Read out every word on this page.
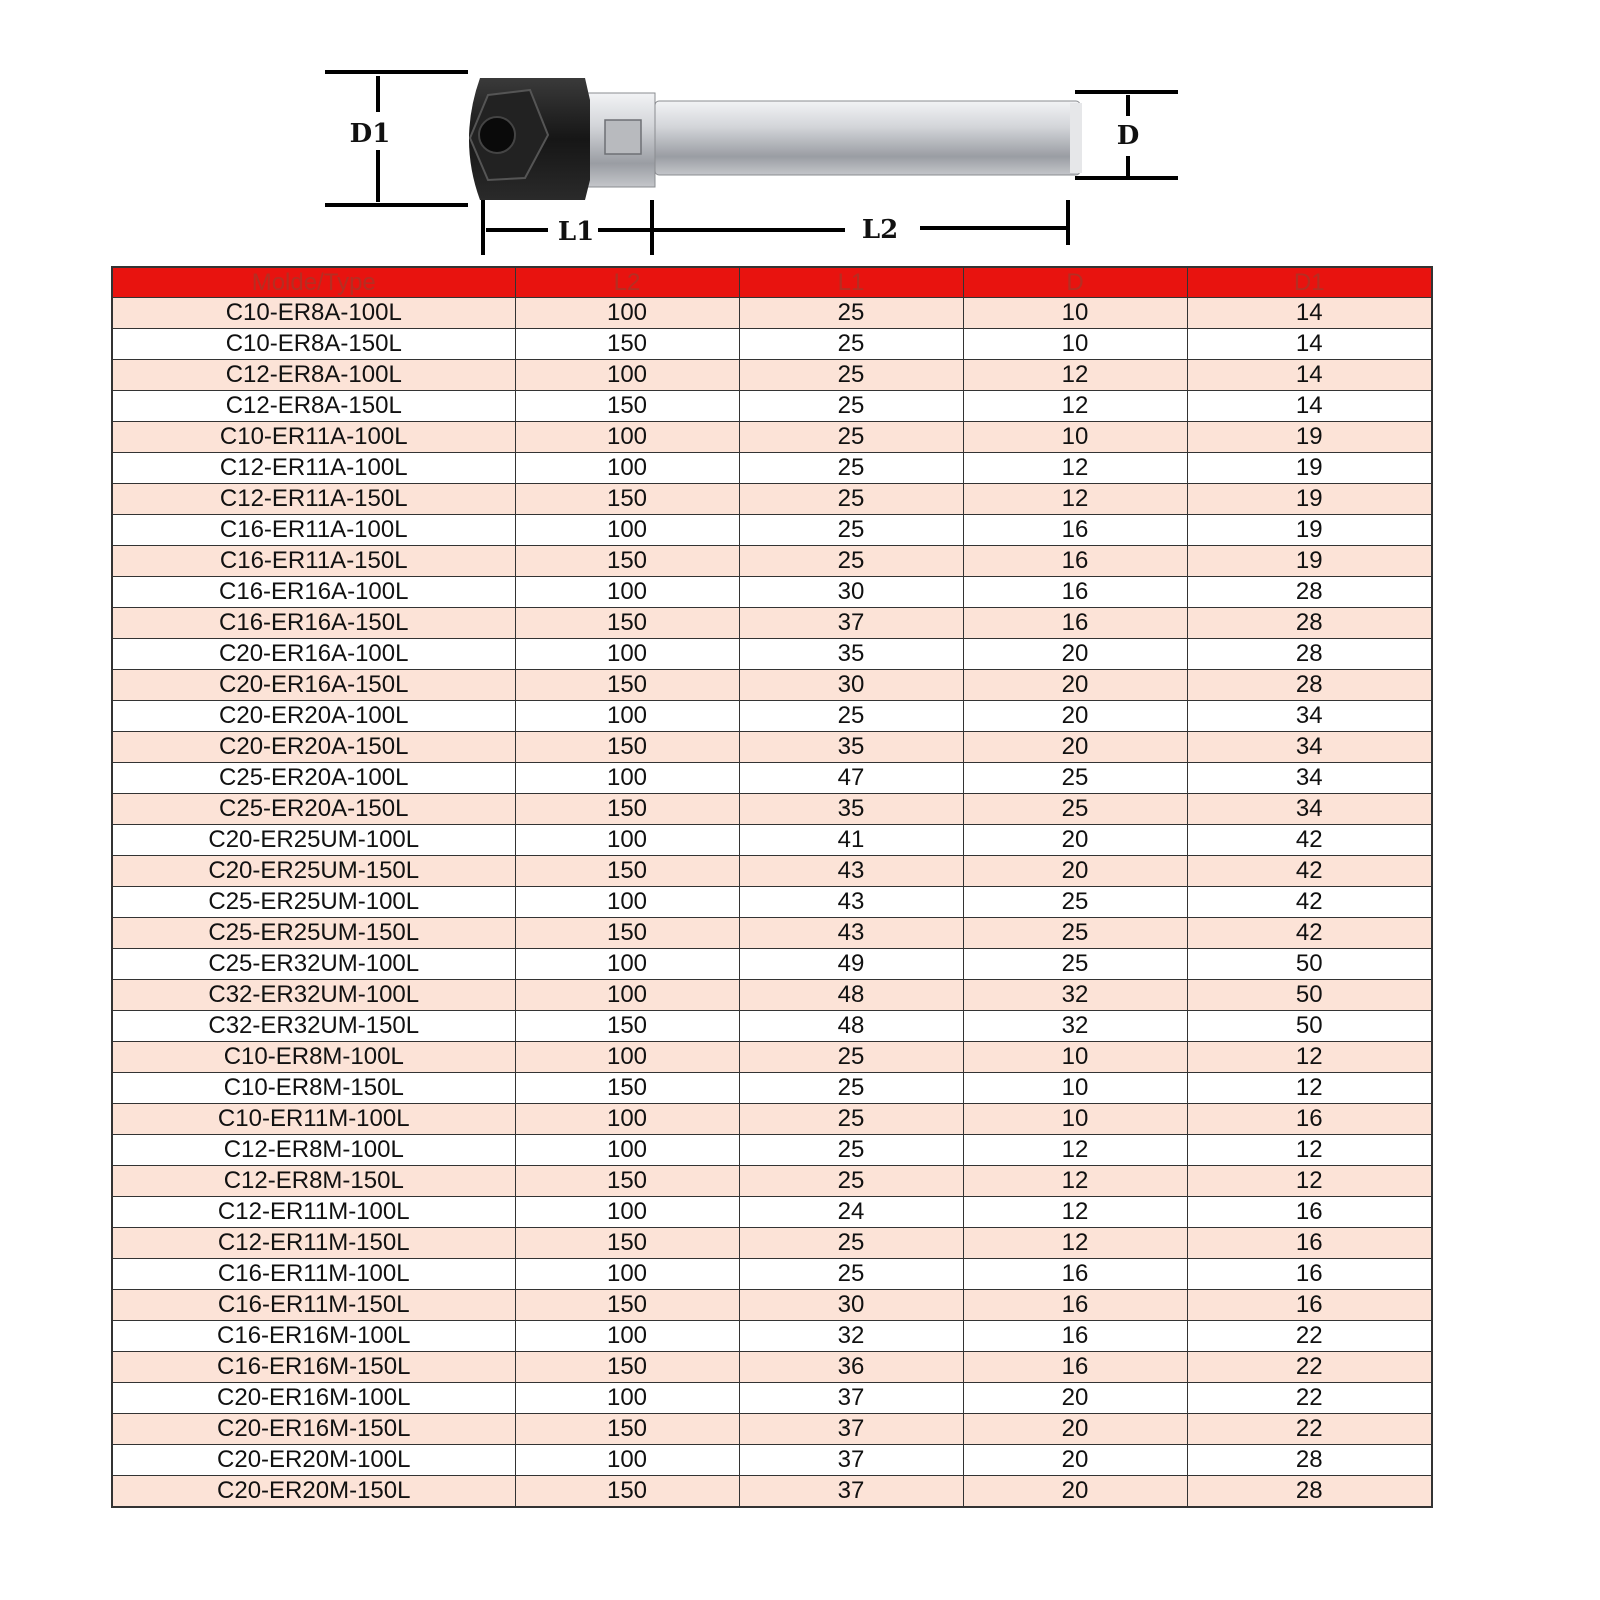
D1	D
L1	L2
Molde/Type	L2	L1	D	D1
C10-ER8A-100L	100	25	10	14
C10-ER8A-150L	150	25	10	14
C12-ER8A-100L	100	25	12	14
C12-ER8A-150L	150	25	12	14
C10-ER11A-100L	100	25	10	19
C12-ER11A-100L	100	25	12	19
C12-ER11A-150L	150	25	12	19
C16-ER11A-100L	100	25	16	19
C16-ER11A-150L	150	25	16	19
C16-ER16A-100L	100	30	16	28
C16-ER16A-150L	150	37	16	28
C20-ER16A-100L	100	35	20	28
C20-ER16A-150L	150	30	20	28
C20-ER20A-100L	100	25	20	34
C20-ER20A-150L	150	35	20	34
C25-ER20A-100L	100	47	25	34
C25-ER20A-150L	150	35	25	34
C20-ER25UM-100L	100	41	20	42
C20-ER25UM-150L	150	43	20	42
C25-ER25UM-100L	100	43	25	42
C25-ER25UM-150L	150	43	25	42
C25-ER32UM-100L	100	49	25	50
C32-ER32UM-100L	100	48	32	50
C32-ER32UM-150L	150	48	32	50
C10-ER8M-100L	100	25	10	12
C10-ER8M-150L	150	25	10	12
C10-ER11M-100L	100	25	10	16
C12-ER8M-100L	100	25	12	12
C12-ER8M-150L	150	25	12	12
C12-ER11M-100L	100	24	12	16
C12-ER11M-150L	150	25	12	16
C16-ER11M-100L	100	25	16	16
C16-ER11M-150L	150	30	16	16
C16-ER16M-100L	100	32	16	22
C16-ER16M-150L	150	36	16	22
C20-ER16M-100L	100	37	20	22
C20-ER16M-150L	150	37	20	22
C20-ER20M-100L	100	37	20	28
C20-ER20M-150L	150	37	20	28
